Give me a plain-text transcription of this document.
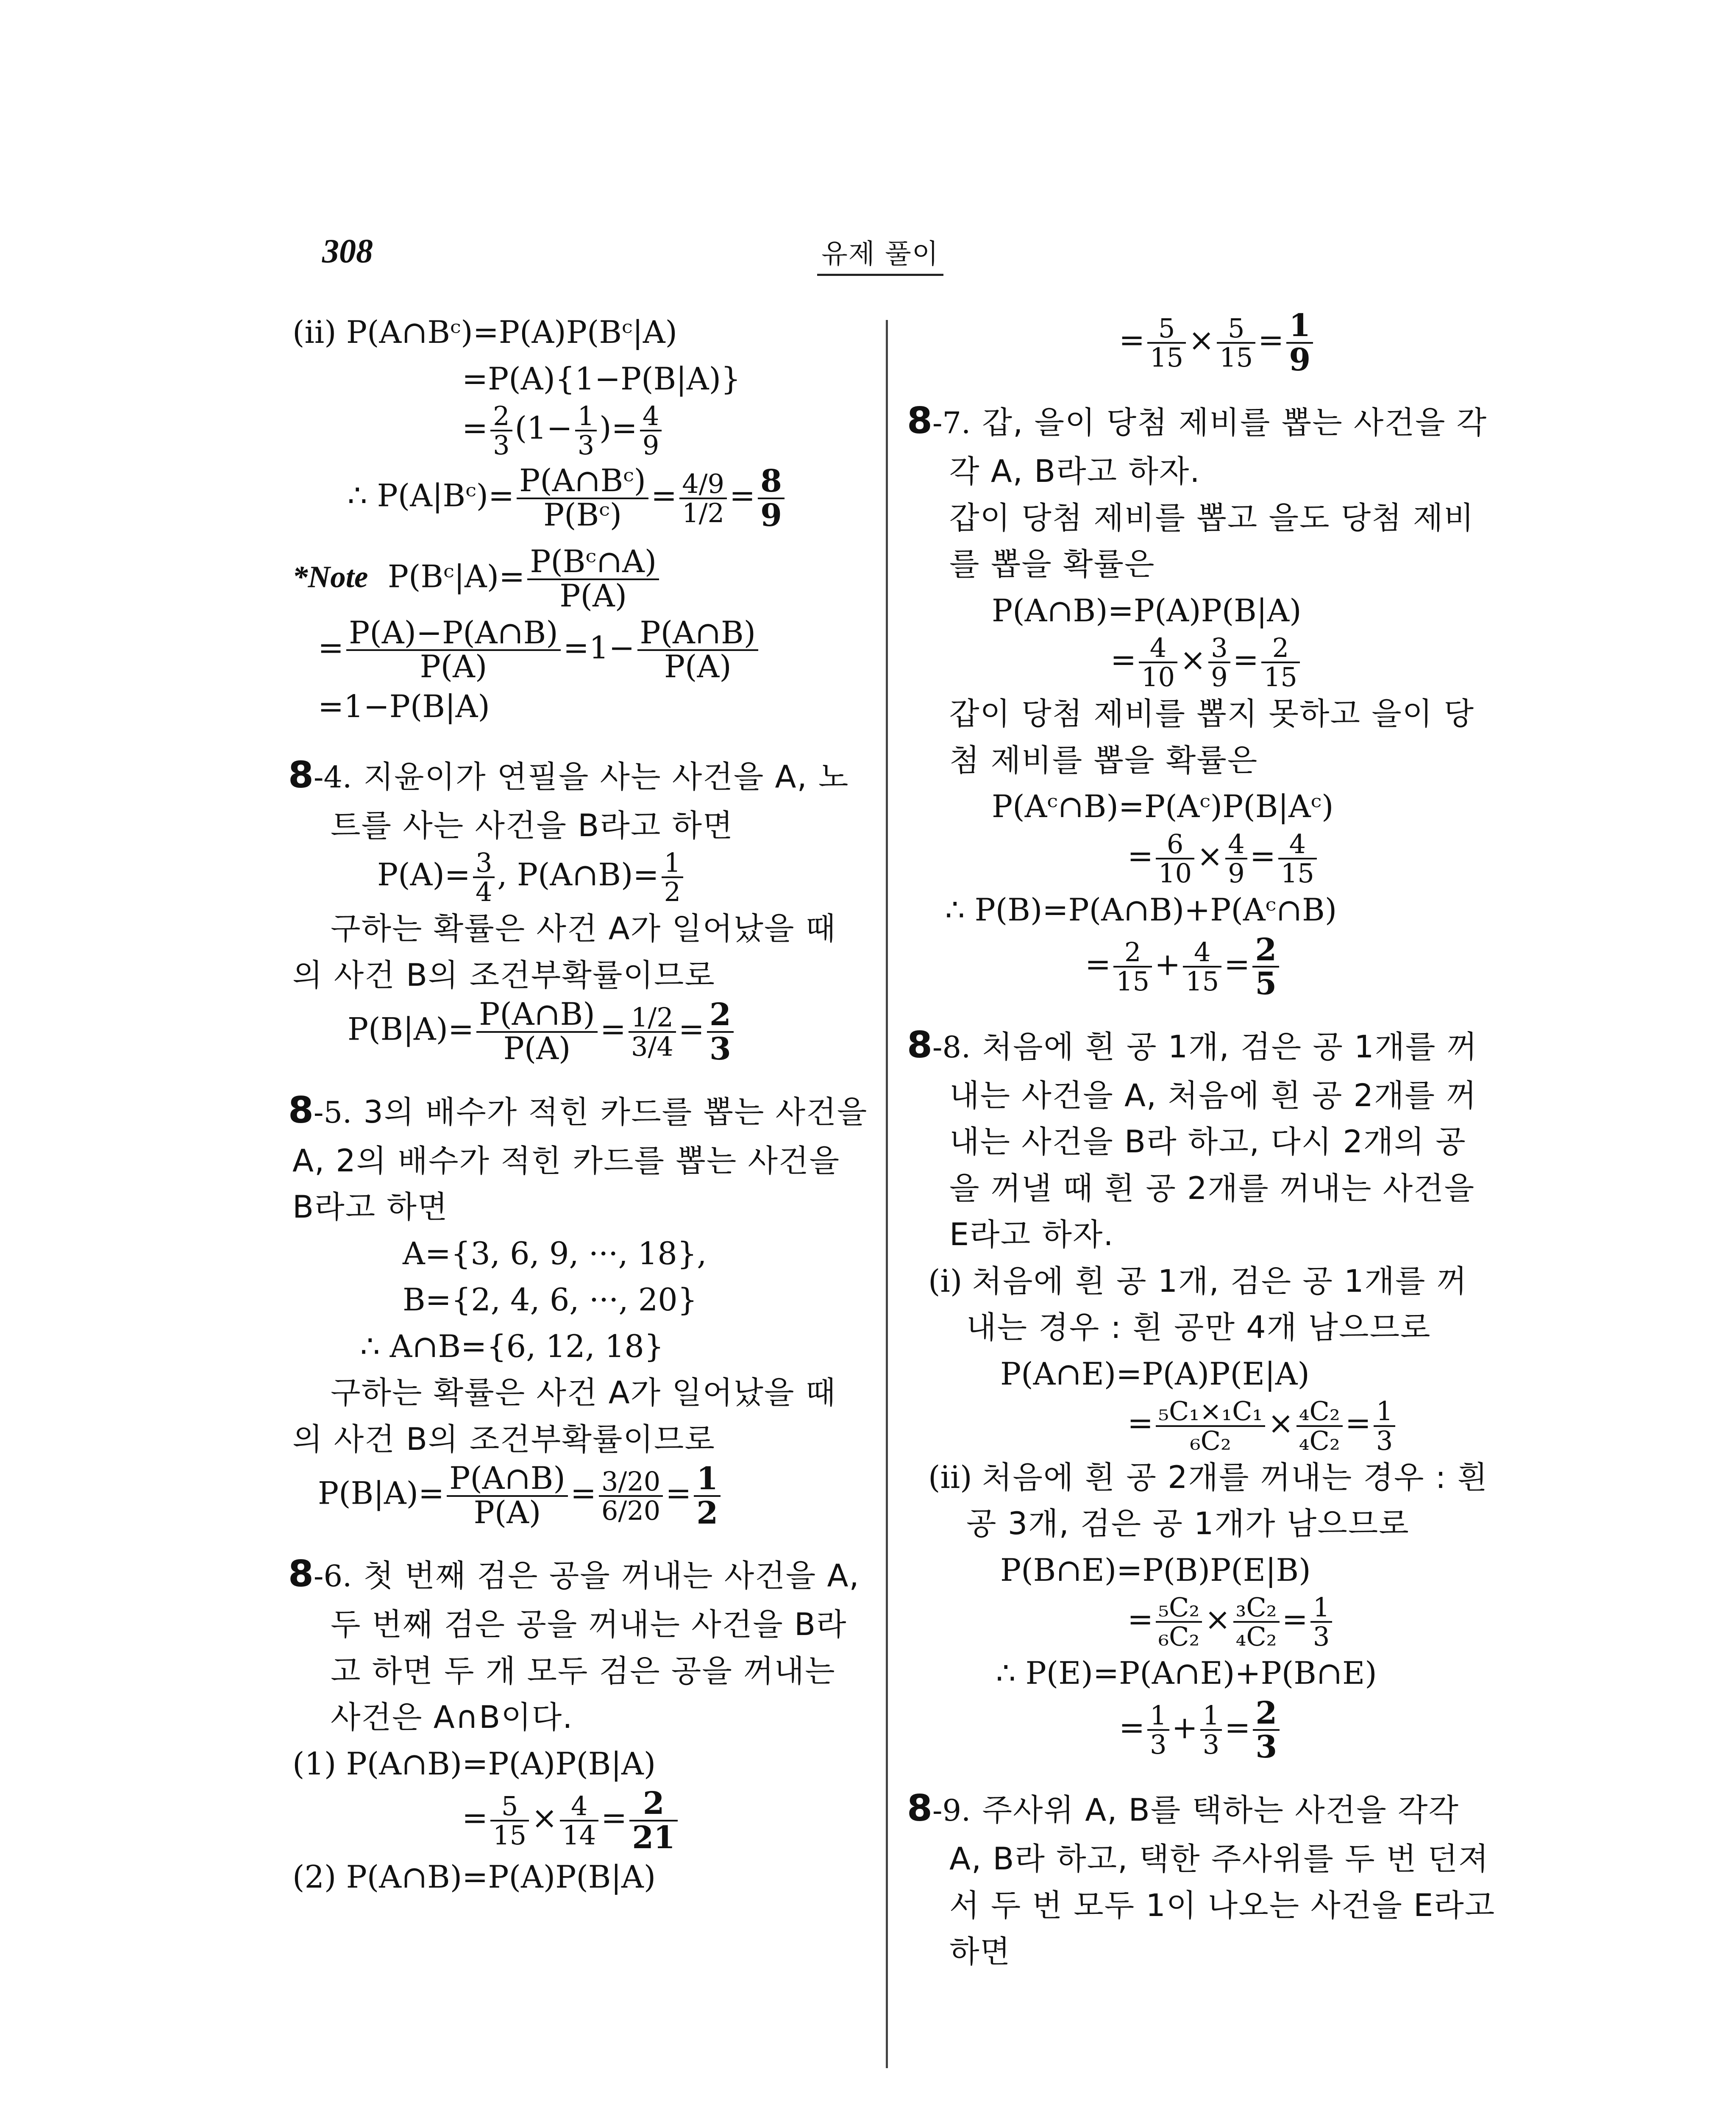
308	유제 풀이
(ii) P(A∩Bᶜ)=P(A)P(Bᶜ|A)
=P(A){1−P(B|A)}
= $\frac{2}{3} (1- \frac{1}{3}$ )= $\frac{4}{9}$
∴ P(A|Bᶜ)= $\frac{\text{P(A∩Bᶜ)}}{\text{P(Bᶜ)}} = \frac{4/9}{1/2} = \frac{8}{9}$
*Note P(Bᶜ|A)= $\frac{\text{P(Bᶜ∩A)}}{P(A)}$
= $\frac{P(A)-P(A\cap B)}{P(A)} =1- \frac{P(A\cap B)}{P(A)}$
=1−P(B|A)
8-4. 지윤이가 연필을 사는 사건을 A, 노
트를 사는 사건을 B라고 하면
$P(A)= \frac{3}{4}$ , P(A∩B)= $\frac{1}{2}$
구하는 확률은 사건 A가 일어났을 때
의 사건 B의 조건부확률이므로
$P(B|A)= \frac{P(A\cap B)}{P(A)} = \frac{1/2}{3/4} = \frac{2}{3}$
8-5. 3의 배수가 적힌 카드를 뽑는 사건을
A, 2의 배수가 적힌 카드를 뽑는 사건을
B라고 하면
A={3, 6, 9, ···, 18},
B={2, 4, 6, ···, 20}
∴ A∩B={6, 12, 18}
구하는 확률은 사건 A가 일어났을 때
의 사건 B의 조건부확률이므로
$P(B|A)= \frac{P(A\cap B)}{P(A)} = \frac{3/20}{6/20} = \frac{1}{2}$
8-6. 첫 번째 검은 공을 꺼내는 사건을 A,
두 번째 검은 공을 꺼내는 사건을 B라
고 하면 두 개 모두 검은 공을 꺼내는
사건은 A∩B이다.
(1) P(A∩B)=P(A)P(B|A)
= $\frac{5}{15} \times \frac{4}{14} = \frac{2}{21}$
(2) P(A∩B)=P(A)P(B|A)
= $\frac{5}{15} \times \frac{5}{15} = \frac{1}{9}$
8-7. 갑, 을이 당첨 제비를 뽑는 사건을 각
각 A, B라고 하자.
갑이 당첨 제비를 뽑고 을도 당첨 제비
를 뽑을 확률은
P(A∩B)=P(A)P(B|A)
= $\frac{4}{10} \times \frac{3}{9} = \frac{2}{15}$
갑이 당첨 제비를 뽑지 못하고 을이 당
첨 제비를 뽑을 확률은
P(Aᶜ∩B)=P(Aᶜ)P(B|Aᶜ)
= $\frac{6}{10} \times \frac{4}{9} = \frac{4}{15}$
∴ P(B)=P(A∩B)+P(Aᶜ∩B)
= $\frac{2}{15} + \frac{4}{15} = \frac{2}{5}$
8-8. 처음에 흰 공 1개, 검은 공 1개를 꺼
내는 사건을 A, 처음에 흰 공 2개를 꺼
내는 사건을 B라 하고, 다시 2개의 공
을 꺼낼 때 흰 공 2개를 꺼내는 사건을
E라고 하자.
(i) 처음에 흰 공 1개, 검은 공 1개를 꺼
내는 경우 : 흰 공만 4개 남으므로
P(A∩E)=P(A)P(E|A)
= $\frac{\text{₅C₁×₁C₁}}{\text{₆C₂}} \times \frac{\text{₄C₂}}{\text{₄C₂}} = \frac{1}{3}$
(ii) 처음에 흰 공 2개를 꺼내는 경우 : 흰
공 3개, 검은 공 1개가 남으므로
P(B∩E)=P(B)P(E|B)
= $\frac{\text{₅C₂}}{\text{₆C₂}} \times \frac{\text{₃C₂}}{\text{₄C₂}} = \frac{1}{3}$
∴ P(E)=P(A∩E)+P(B∩E)
= $\frac{1}{3} + \frac{1}{3} = \frac{2}{3}$
8-9. 주사위 A, B를 택하는 사건을 각각
A, B라 하고, 택한 주사위를 두 번 던져
서 두 번 모두 1이 나오는 사건을 E라고
하면
